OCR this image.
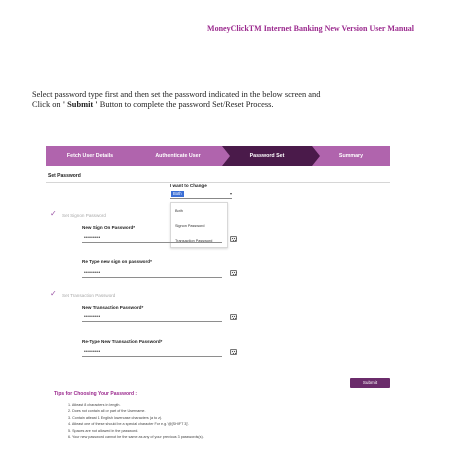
MoneyClickTM Internet Banking New Version User Manual
Select password type first and then set the password indicated in the below screen and
Click on ' Submit ' Button to complete the password Set/Reset Process.
Fetch User Details	Authenticate User	Password Set	Summary
Set Password
I want to Change
Both	▾
Both
Signon Password
Transaction Password
✓ Set Signon Password
New Sign On Password*
••••••••
Re Type new sign on password*
••••••••
✓ Set Transaction Password
New Transaction Password*
••••••••
Re-Type New Transaction Password*
••••••••
Submit
Tips for Choosing Your Password :
1. Atleast 8 characters in length.
2. Does not contain all or part of the Username.
3. Contain atleast 1 English lowercase characters (a to z).
4. Atleast one of these should be a special character For e.g.'@[SHIFT 3]'.
5. Spaces are not allowed in the password.
6. Your new password cannot be the same as any of your previous 3 passwords(s).
